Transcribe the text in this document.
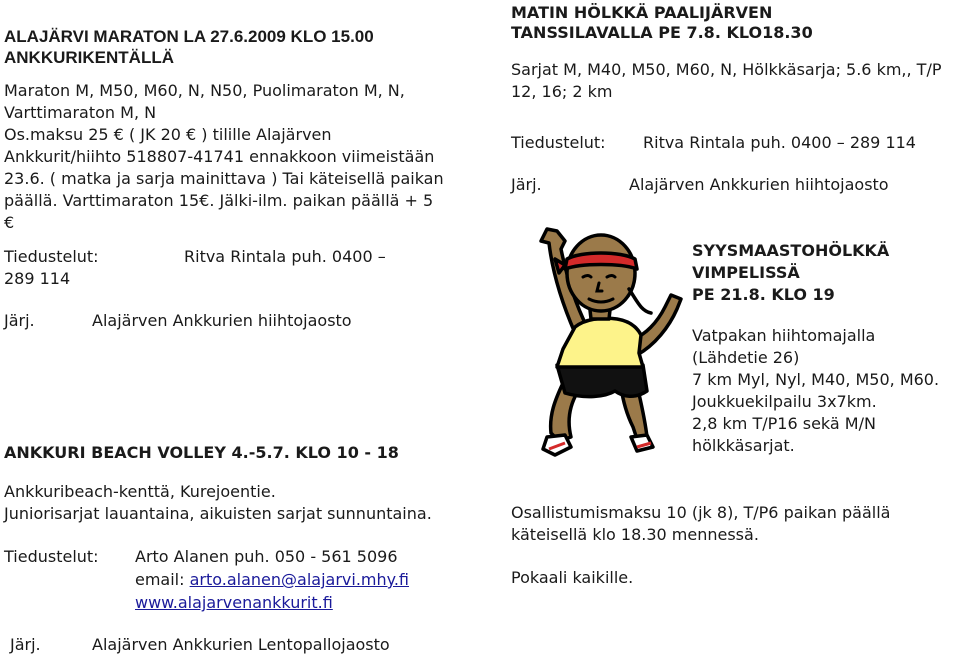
ALAJÄRVI MARATON LA 27.6.2009 KLO 15.00

ANKKURIKENTÄLLÄ

Maraton M, M50, M60, N, N50, Puolimaraton M, N,

Varttimaraton M, N

Os.maksu 25 € ( JK 20 € ) tilille Alajärven

Ankkurit/hiihto 518807-41741 ennakkoon viimeistään

23.6. ( matka ja sarja mainittava ) Tai käteisellä paikan

päällä. Varttimaraton 15€. Jälki-ilm. paikan päällä + 5

€

Tiedustelut:	Ritva Rintala puh. 0400 –
289 114
Järj.	Alajärven Ankkurien hiihtojaosto

ANKKURI BEACH VOLLEY 4.-5.7. KLO 10 - 18

Ankkuribeach-kenttä, Kurejoentie.

Juniorisarjat lauantaina, aikuisten sarjat sunnuntaina.

Tiedustelut: Arto Alanen puh. 050 - 561 5096
email: arto.alanen@alajarvi.mhy.fi
www.alajarvenankkurit.fi
Järj.	Alajärven Ankkurien Lentopallojaosto

MATIN HÖLKKÄ PAALIJÄRVEN

TANSSILAVALLA PE 7.8. KLO18.30

Sarjat M, M40, M50, M60, N, Hölkkäsarja; 5.6 km,, T/P

12, 16; 2 km

Tiedustelut: Ritva Rintala puh. 0400 – 289 114
Järj.	Alajärven Ankkurien hiihtojaosto

SYYSMAASTOHÖLKKÄ

VIMPELISSÄ

PE 21.8. KLO 19

Vatpakan hiihtomajalla

(Lähdetie 26)

7 km Myl, Nyl, M40, M50, M60.

Joukkuekilpailu 3x7km.

2,8 km T/P16 sekä M/N

hölkkäsarjat.

Osallistumismaksu 10 (jk 8), T/P6 paikan päällä

käteisellä klo 18.30 mennessä.

Pokaali kaikille.
